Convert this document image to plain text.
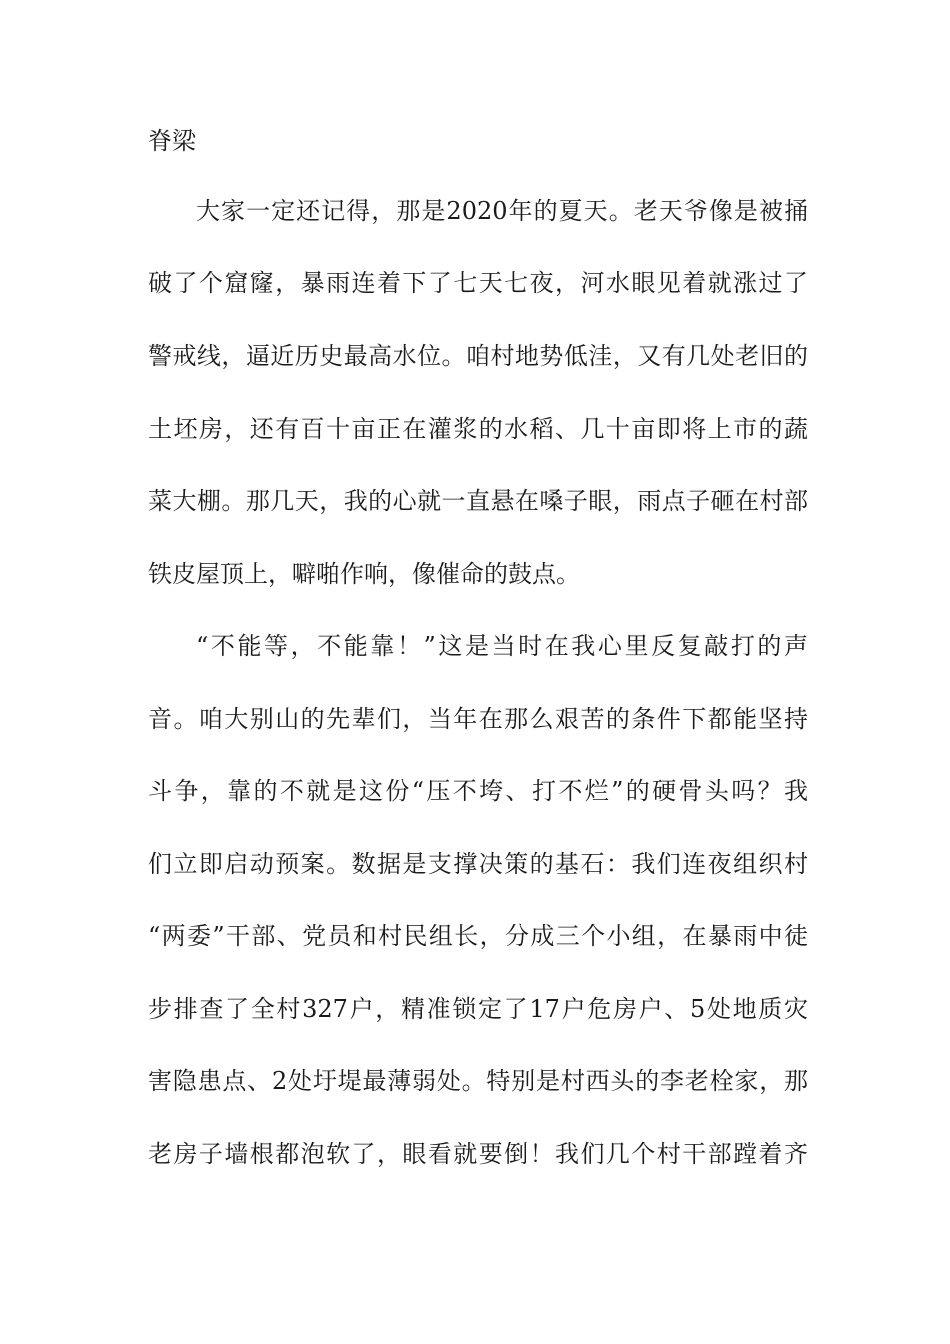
脊梁
大家一定还记得，那是2020年的夏天。老天爷像是被捅
破了个窟窿，暴雨连着下了七天七夜，河水眼见着就涨过了
警戒线，逼近历史最高水位。咱村地势低洼，又有几处老旧的
土坯房，还有百十亩正在灌浆的水稻、几十亩即将上市的蔬
菜大棚。那几天，我的心就一直悬在嗓子眼，雨点子砸在村部
铁皮屋顶上，噼啪作响，像催命的鼓点。
“不能等，不能靠！”这是当时在我心里反复敲打的声
音。咱大别山的先辈们，当年在那么艰苦的条件下都能坚持
斗争，靠的不就是这份“压不垮、打不烂”的硬骨头吗？我
们立即启动预案。数据是支撑决策的基石：我们连夜组织村
“两委”干部、党员和村民组长，分成三个小组，在暴雨中徒
步排查了全村327户，精准锁定了17户危房户、5处地质灾
害隐患点、2处圩堤最薄弱处。特别是村西头的李老栓家，那
老房子墙根都泡软了，眼看就要倒！我们几个村干部蹚着齐
